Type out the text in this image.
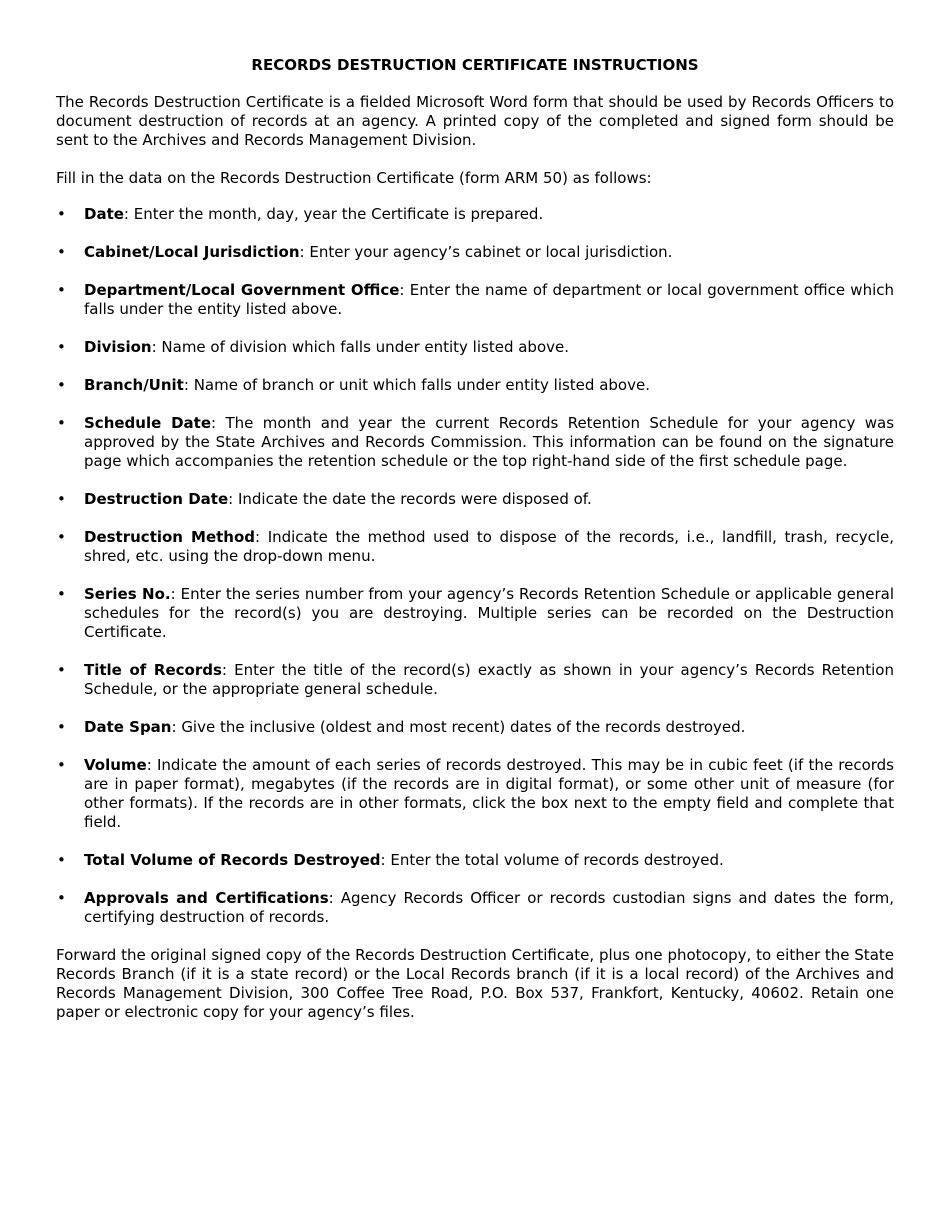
RECORDS DESTRUCTION CERTIFICATE INSTRUCTIONS

The Records Destruction Certificate is a fielded Microsoft Word form that should be used by Records Officers to document destruction of records at an agency. A printed copy of the completed and signed form should be sent to the Archives and Records Management Division.

Fill in the data on the Records Destruction Certificate (form ARM 50) as follows:

•	Date: Enter the month, day, year the Certificate is prepared.
•	Cabinet/Local Jurisdiction: Enter your agency’s cabinet or local jurisdiction.
•	Department/Local Government Office: Enter the name of department or local government office which falls under the entity listed above.
•	Division: Name of division which falls under entity listed above.
•	Branch/Unit: Name of branch or unit which falls under entity listed above.
•	Schedule Date: The month and year the current Records Retention Schedule for your agency was approved by the State Archives and Records Commission. This information can be found on the signature page which accompanies the retention schedule or the top right-hand side of the first schedule page.
•	Destruction Date: Indicate the date the records were disposed of.
•	Destruction Method: Indicate the method used to dispose of the records, i.e., landfill, trash, recycle, shred, etc. using the drop-down menu.
•	Series No.: Enter the series number from your agency’s Records Retention Schedule or applicable general schedules for the record(s) you are destroying. Multiple series can be recorded on the Destruction Certificate.
•	Title of Records: Enter the title of the record(s) exactly as shown in your agency’s Records Retention Schedule, or the appropriate general schedule.
•	Date Span: Give the inclusive (oldest and most recent) dates of the records destroyed.
•	Volume: Indicate the amount of each series of records destroyed. This may be in cubic feet (if the records are in paper format), megabytes (if the records are in digital format), or some other unit of measure (for other formats). If the records are in other formats, click the box next to the empty field and complete that field.
•	Total Volume of Records Destroyed: Enter the total volume of records destroyed.
•	Approvals and Certifications: Agency Records Officer or records custodian signs and dates the form, certifying destruction of records.

Forward the original signed copy of the Records Destruction Certificate, plus one photocopy, to either the State Records Branch (if it is a state record) or the Local Records branch (if it is a local record) of the Archives and Records Management Division, 300 Coffee Tree Road, P.O. Box 537, Frankfort, Kentucky, 40602. Retain one paper or electronic copy for your agency’s files.
